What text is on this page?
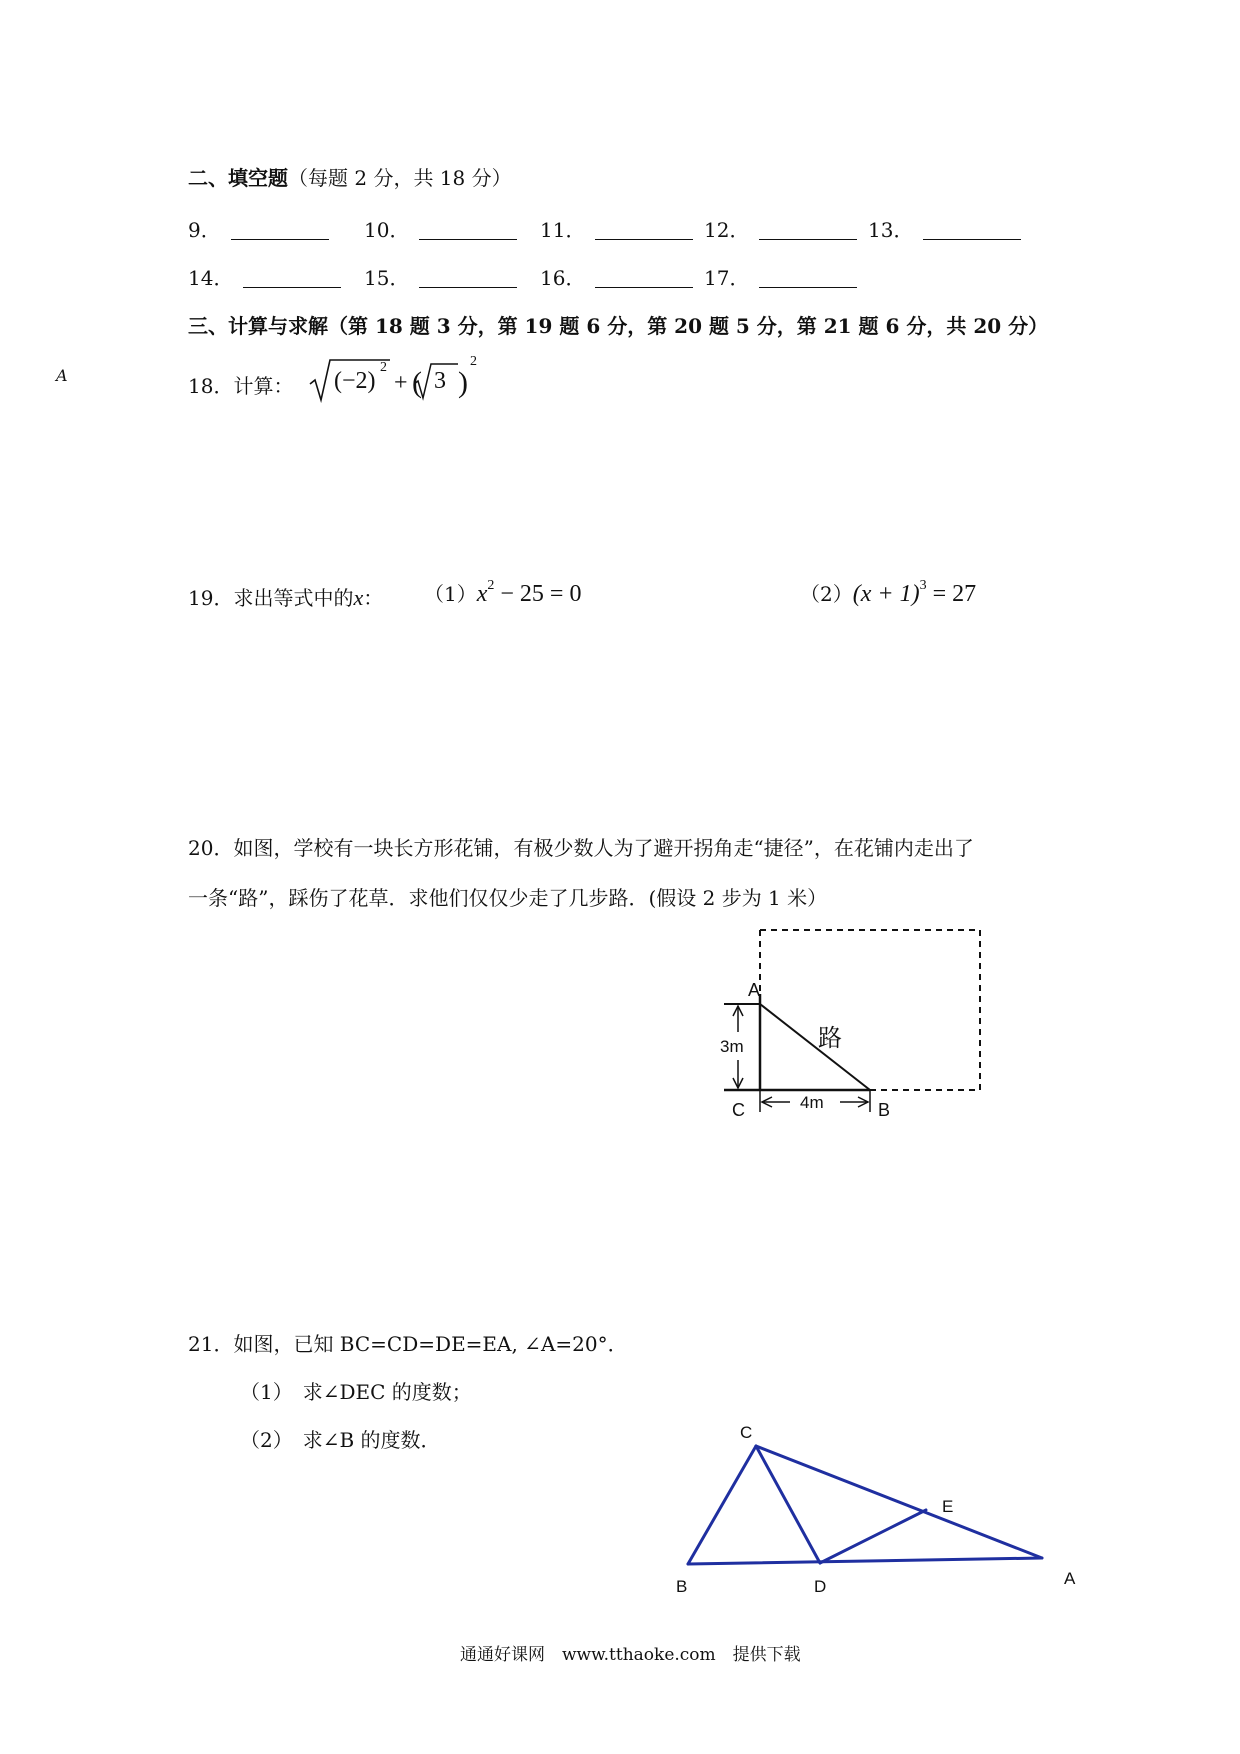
A
二、填空题（每题 2 分，共 18 分）
9．	10．	11．	12．	13．
14．	15．	16．	17．
三、计算与求解（第 18 题 3 分，第 19 题 6 分，第 20 题 5 分，第 21 题 6 分，共 20 分）
18．计算： (−2)
2
+ ( 3 )
2
19．求出等式中的x： $(1)x^2 - 25 = 0$	$(2)(x + 1)^3 = 27$
20．如图，学校有一块长方形花铺，有极少数人为了避开拐角走“捷径”，在花铺内走出了
一条“路”，踩伤了花草．求他们仅仅少走了几步路．(假设 2 步为 1 米）
A
C	B
路
3m
4m
21．如图，已知 BC=CD=DE=EA, ∠A=20°．
（1）　求∠DEC 的度数；
（2）　求∠B 的度数．	C
B	D
E
A
通通好课网　www.tthaoke.com　提供下载
